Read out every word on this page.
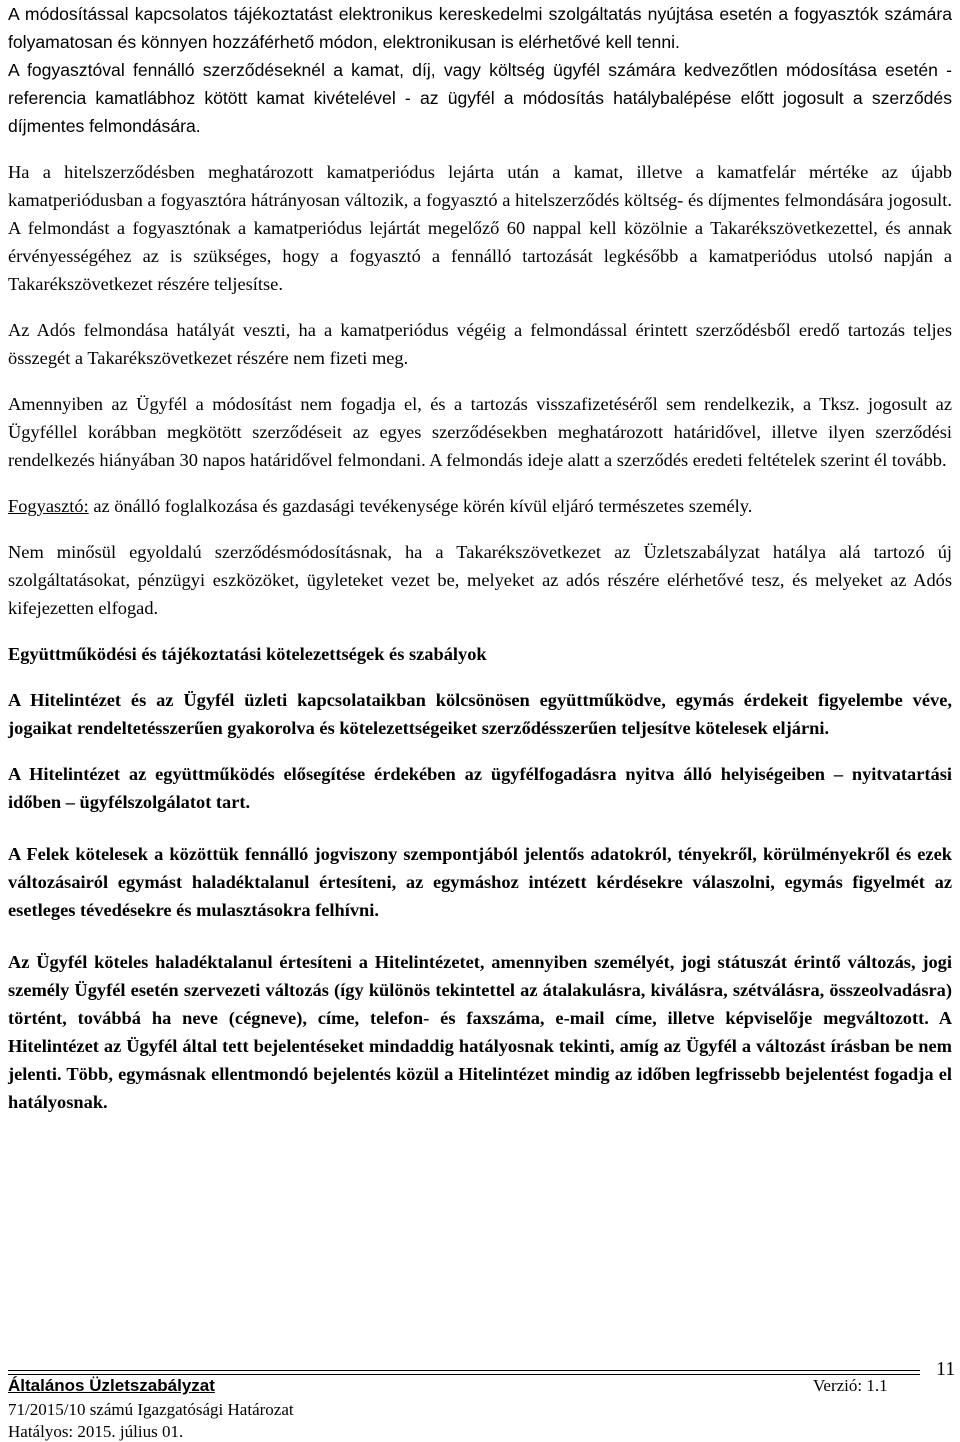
A módosítással kapcsolatos tájékoztatást elektronikus kereskedelmi szolgáltatás nyújtása esetén a fogyasztók számára folyamatosan és könnyen hozzáférhető módon, elektronikusan is elérhetővé kell tenni.

A fogyasztóval fennálló szerződéseknél a kamat, díj, vagy költség ügyfél számára kedvezőtlen módosítása esetén - referencia kamatlábhoz kötött kamat kivételével - az ügyfél a módosítás hatálybalépése előtt jogosult a szerződés díjmentes felmondására.

Ha a hitelszerződésben meghatározott kamatperiódus lejárta után a kamat, illetve a kamatfelár mértéke az újabb kamatperiódusban a fogyasztóra hátrányosan változik, a fogyasztó a hitelszerződés költség- és díjmentes felmondására jogosult. A felmondást a fogyasztónak a kamatperiódus lejártát megelőző 60 nappal kell közölnie a Takarékszövetkezettel, és annak érvényességéhez az is szükséges, hogy a fogyasztó a fennálló tartozását legkésőbb a kamatperiódus utolsó napján a Takarékszövetkezet részére teljesítse.

Az Adós felmondása hatályát veszti, ha a kamatperiódus végéig a felmondással érintett szerződésből eredő tartozás teljes összegét a Takarékszövetkezet részére nem fizeti meg.

Amennyiben az Ügyfél a módosítást nem fogadja el, és a tartozás visszafizetéséről sem rendelkezik, a Tksz. jogosult az Ügyféllel korábban megkötött szerződéseit az egyes szerződésekben meghatározott határidővel, illetve ilyen szerződési rendelkezés hiányában 30 napos határidővel felmondani. A felmondás ideje alatt a szerződés eredeti feltételek szerint él tovább.

Fogyasztó: az önálló foglalkozása és gazdasági tevékenysége körén kívül eljáró természetes személy.

Nem minősül egyoldalú szerződésmódosításnak, ha a Takarékszövetkezet az Üzletszabályzat hatálya alá tartozó új szolgáltatásokat, pénzügyi eszközöket, ügyleteket vezet be, melyeket az adós részére elérhetővé tesz, és melyeket az Adós kifejezetten elfogad.

Együttműködési és tájékoztatási kötelezettségek és szabályok

A Hitelintézet és az Ügyfél üzleti kapcsolataikban kölcsönösen együttműködve, egymás érdekeit figyelembe véve, jogaikat rendeltetésszerűen gyakorolva és kötelezettségeiket szerződésszerűen teljesítve kötelesek eljárni.

A Hitelintézet az együttműködés elősegítése érdekében az ügyfélfogadásra nyitva álló helyiségeiben – nyitvatartási időben – ügyfélszolgálatot tart.

A Felek kötelesek a közöttük fennálló jogviszony szempontjából jelentős adatokról, tényekről, körülményekről és ezek változásairól egymást haladéktalanul értesíteni, az egymáshoz intézett kérdésekre válaszolni, egymás figyelmét az esetleges tévedésekre és mulasztásokra felhívni.

Az Ügyfél köteles haladéktalanul értesíteni a Hitelintézetet, amennyiben személyét, jogi státuszát érintő változás, jogi személy Ügyfél esetén szervezeti változás (így különös tekintettel az átalakulásra, kiválásra, szétválásra, összeolvadásra) történt, továbbá ha neve (cégneve), címe, telefon- és faxszáma, e-mail címe, illetve képviselője megváltozott. A Hitelintézet az Ügyfél által tett bejelentéseket mindaddig hatályosnak tekinti, amíg az Ügyfél a változást írásban be nem jelenti. Több, egymásnak ellentmondó bejelentés közül a Hitelintézet mindig az időben legfrissebb bejelentést fogadja el hatályosnak.

Általános Üzletszabályzat	Verzió: 1.1
11
71/2015/10 számú Igazgatósági Határozat
Hatályos: 2015. július 01.
